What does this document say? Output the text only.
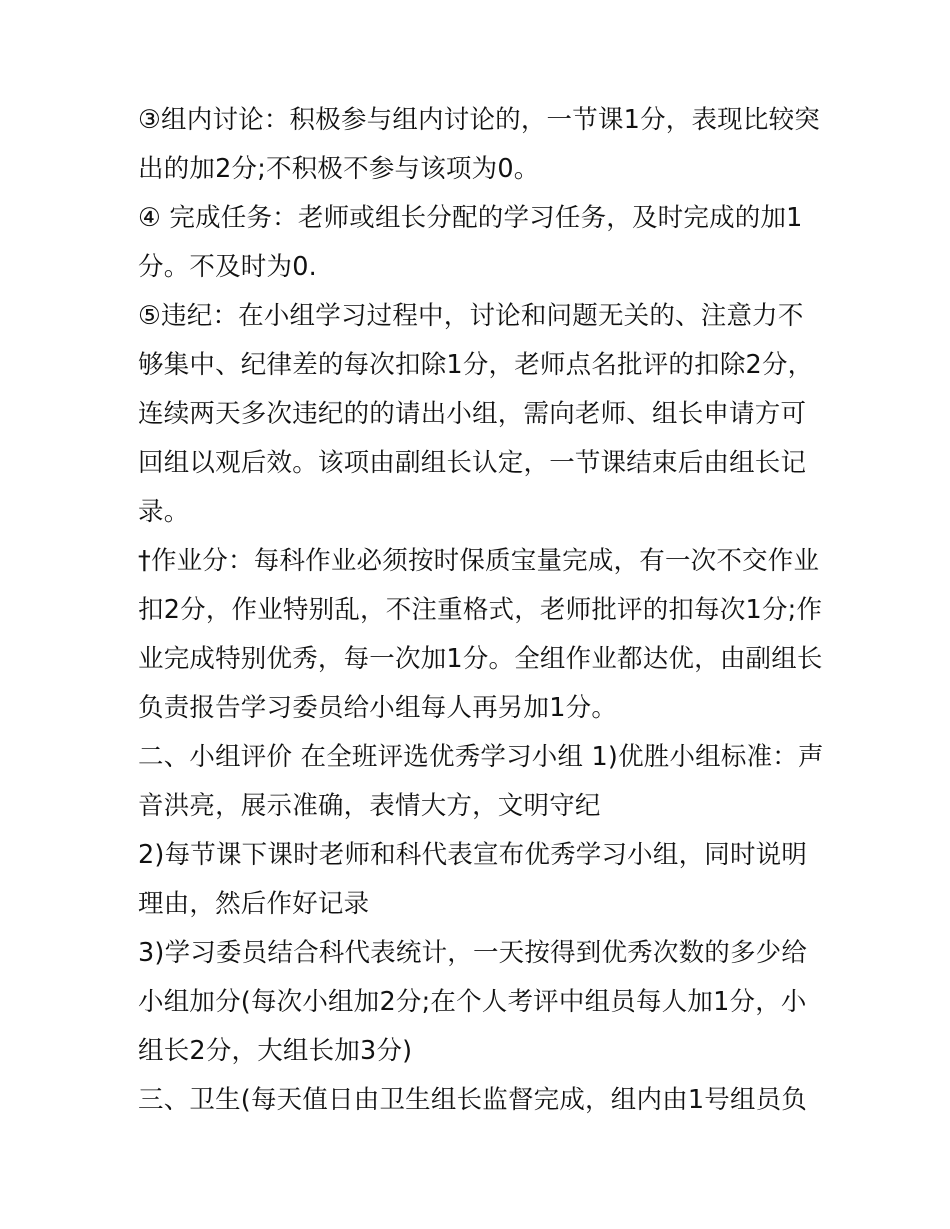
③组内讨论：积极参与组内讨论的，一节课1分，表现比较突出的加2分;不积极不参与该项为0。

④ 完成任务：老师或组长分配的学习任务，及时完成的加1分。不及时为0.

⑤违纪：在小组学习过程中，讨论和问题无关的、注意力不够集中、纪律差的每次扣除1分，老师点名批评的扣除2分，连续两天多次违纪的的请出小组，需向老师、组长申请方可回组以观后效。该项由副组长认定，一节课结束后由组长记录。

†作业分：每科作业必须按时保质宝量完成，有一次不交作业扣2分，作业特别乱，不注重格式，老师批评的扣每次1分;作业完成特别优秀，每一次加1分。全组作业都达优，由副组长负责报告学习委员给小组每人再另加1分。

二、小组评价 在全班评选优秀学习小组 1)优胜小组标准：声音洪亮，展示准确，表情大方，文明守纪

2)每节课下课时老师和科代表宣布优秀学习小组，同时说明理由，然后作好记录

3)学习委员结合科代表统计，一天按得到优秀次数的多少给小组加分(每次小组加2分;在个人考评中组员每人加1分，小组长2分，大组长加3分)

三、卫生(每天值日由卫生组长监督完成，组内由1号组员负
